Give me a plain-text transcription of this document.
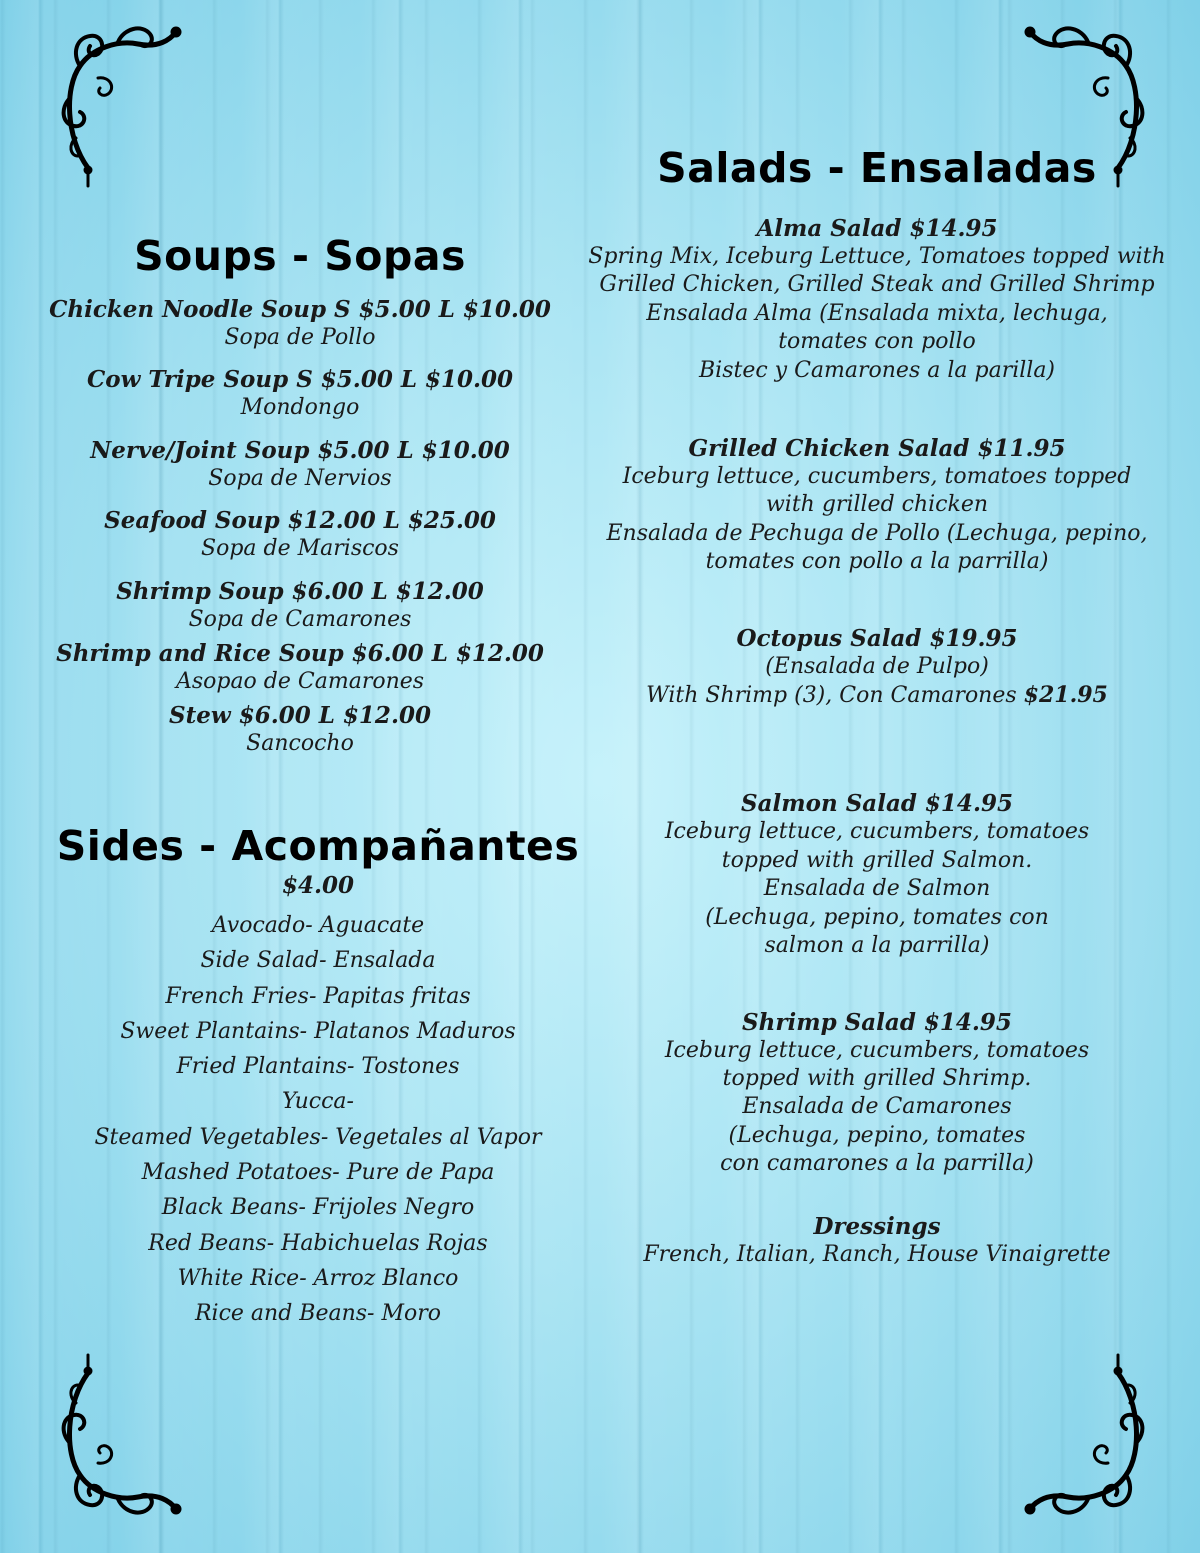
Soups - Sopas
Chicken Noodle Soup S $5.00 L $10.00
Sopa de Pollo
Cow Tripe Soup S $5.00 L $10.00
Mondongo
Nerve/Joint Soup $5.00 L $10.00
Sopa de Nervios
Seafood Soup $12.00 L $25.00
Sopa de Mariscos
Shrimp Soup $6.00 L $12.00
Sopa de Camarones
Shrimp and Rice Soup $6.00 L $12.00
Asopao de Camarones
Stew $6.00 L $12.00
Sancocho
Sides - Acompañantes
$4.00
Avocado- Aguacate
Side Salad- Ensalada
French Fries- Papitas fritas
Sweet Plantains- Platanos Maduros
Fried Plantains- Tostones
Yucca-
Steamed Vegetables- Vegetales al Vapor
Mashed Potatoes- Pure de Papa
Black Beans- Frijoles Negro
Red Beans- Habichuelas Rojas
White Rice- Arroz Blanco
Rice and Beans- Moro
Salads - Ensaladas
Alma Salad $14.95
Spring Mix, Iceburg Lettuce, Tomatoes topped with
Grilled Chicken, Grilled Steak and Grilled Shrimp
Ensalada Alma (Ensalada mixta, lechuga,
tomates con pollo
Bistec y Camarones a la parilla)
Grilled Chicken Salad $11.95
Iceburg lettuce, cucumbers, tomatoes topped
with grilled chicken
Ensalada de Pechuga de Pollo (Lechuga, pepino,
tomates con pollo a la parrilla)
Octopus Salad $19.95
(Ensalada de Pulpo)
With Shrimp (3), Con Camarones $21.95
Salmon Salad $14.95
Iceburg lettuce, cucumbers, tomatoes
topped with grilled Salmon.
Ensalada de Salmon
(Lechuga, pepino, tomates con
salmon a la parrilla)
Shrimp Salad $14.95
Iceburg lettuce, cucumbers, tomatoes
topped with grilled Shrimp.
Ensalada de Camarones
(Lechuga, pepino, tomates
con camarones a la parrilla)
Dressings
French, Italian, Ranch, House Vinaigrette
